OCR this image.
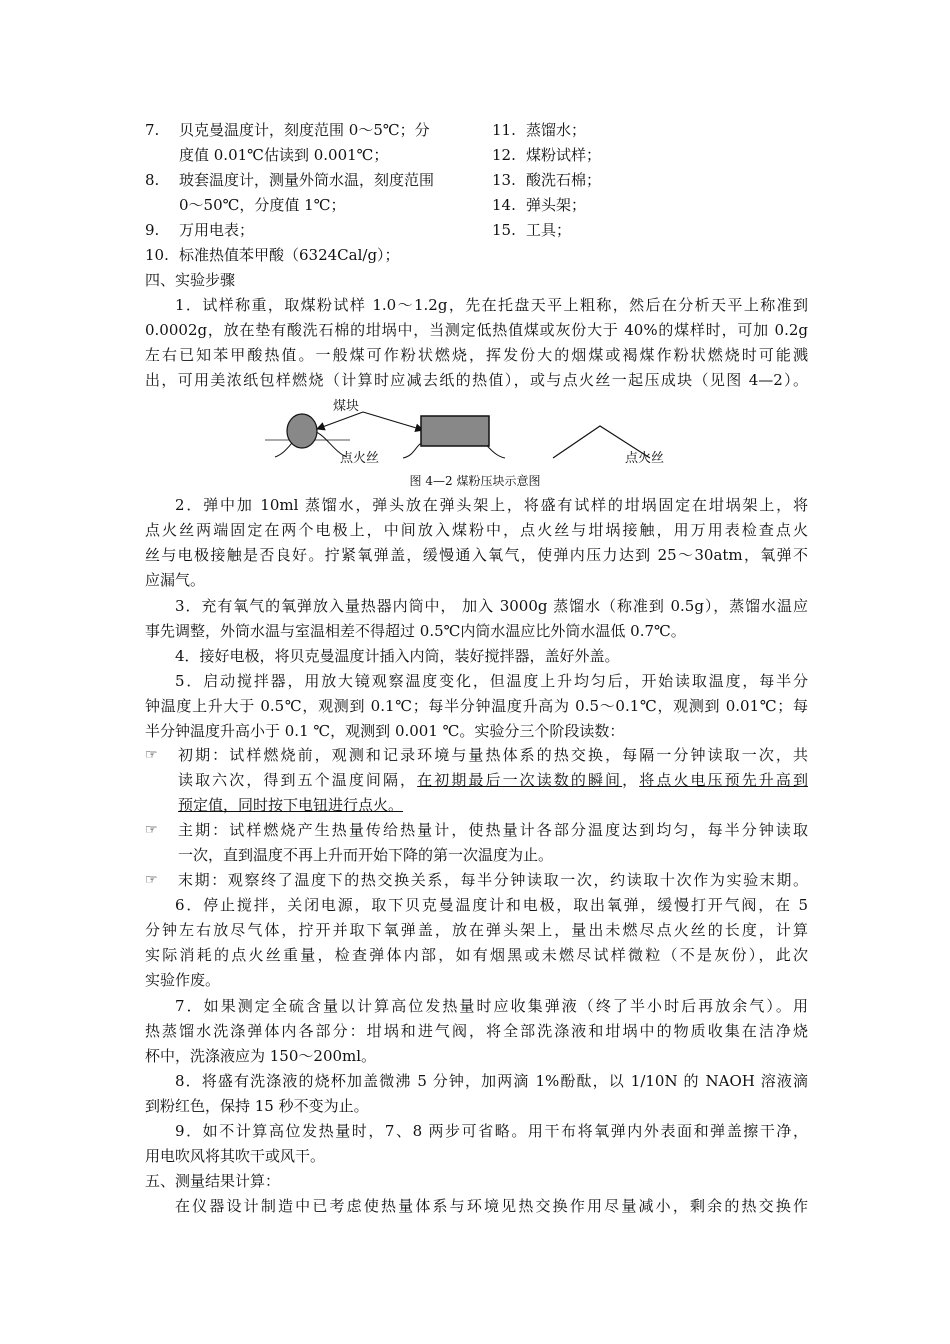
7. 贝克曼温度计，刻度范围 0～5℃；分
度值 0.01℃估读到 0.001℃；
8. 玻套温度计，测量外筒水温，刻度范围
0～50℃，分度值 1℃；
9. 万用电表；
10. 标准热值苯甲酸（6324Cal/g）；
11. 蒸馏水；
12. 煤粉试样；
13. 酸洗石棉；
14. 弹头架；
15. 工具；
四、实验步骤
1．试样称重，取煤粉试样 1.0～1.2g，先在托盘天平上粗称，然后在分析天平上称准到
0.0002g，放在垫有酸洗石棉的坩埚中，当测定低热值煤或灰份大于 40%的煤样时，可加 0.2g
左右已知苯甲酸热值。一般煤可作粉状燃烧，挥发份大的烟煤或褐煤作粉状燃烧时可能溅
出，可用美浓纸包样燃烧（计算时应减去纸的热值），或与点火丝一起压成块（见图 4—2）。
煤块
点火丝	点火丝
图 4—2 煤粉压块示意图
2．弹中加 10ml 蒸馏水，弹头放在弹头架上，将盛有试样的坩埚固定在坩埚架上，将
点火丝两端固定在两个电极上，中间放入煤粉中，点火丝与坩埚接触，用万用表检查点火
丝与电极接触是否良好。拧紧氧弹盖，缓慢通入氧气，使弹内压力达到 25～30atm，氧弹不
应漏气。
3．充有氧气的氧弹放入量热器内筒中， 加入 3000g 蒸馏水（称准到 0.5g），蒸馏水温应
事先调整，外筒水温与室温相差不得超过 0.5℃内筒水温应比外筒水温低 0.7℃。
4．接好电极，将贝克曼温度计插入内筒，装好搅拌器，盖好外盖。
5．启动搅拌器，用放大镜观察温度变化，但温度上升均匀后，开始读取温度，每半分
钟温度上升大于 0.5℃，观测到 0.1℃；每半分钟温度升高为 0.5～0.1℃，观测到 0.01℃；每
半分钟温度升高小于 0.1 ℃，观测到 0.001 ℃。实验分三个阶段读数：
☞ 初期：试样燃烧前，观测和记录环境与量热体系的热交换，每隔一分钟读取一次，共
读取六次，得到五个温度间隔，在初期最后一次读数的瞬间，将点火电压预先升高到
预定值，同时按下电钮进行点火。
☞ 主期：试样燃烧产生热量传给热量计，使热量计各部分温度达到均匀，每半分钟读取
一次，直到温度不再上升而开始下降的第一次温度为止。
☞ 末期：观察终了温度下的热交换关系，每半分钟读取一次，约读取十次作为实验末期。
6．停止搅拌，关闭电源，取下贝克曼温度计和电极，取出氧弹，缓慢打开气阀，在 5
分钟左右放尽气体，拧开并取下氧弹盖，放在弹头架上，量出未燃尽点火丝的长度，计算
实际消耗的点火丝重量，检查弹体内部，如有烟黑或未燃尽试样微粒（不是灰份），此次
实验作废。
7．如果测定全硫含量以计算高位发热量时应收集弹液（终了半小时后再放余气）。用
热蒸馏水洗涤弹体内各部分：坩埚和进气阀，将全部洗涤液和坩埚中的物质收集在洁净烧
杯中，洗涤液应为 150～200ml。
8．将盛有洗涤液的烧杯加盖微沸 5 分钟，加两滴 1%酚酞，以 1/10N 的 NAOH 溶液滴
到粉红色，保持 15 秒不变为止。
9．如不计算高位发热量时，7、8 两步可省略。用干布将氧弹内外表面和弹盖擦干净，
用电吹风将其吹干或风干。
五、测量结果计算：
在仪器设计制造中已考虑使热量体系与环境见热交换作用尽量减小，剩余的热交换作
